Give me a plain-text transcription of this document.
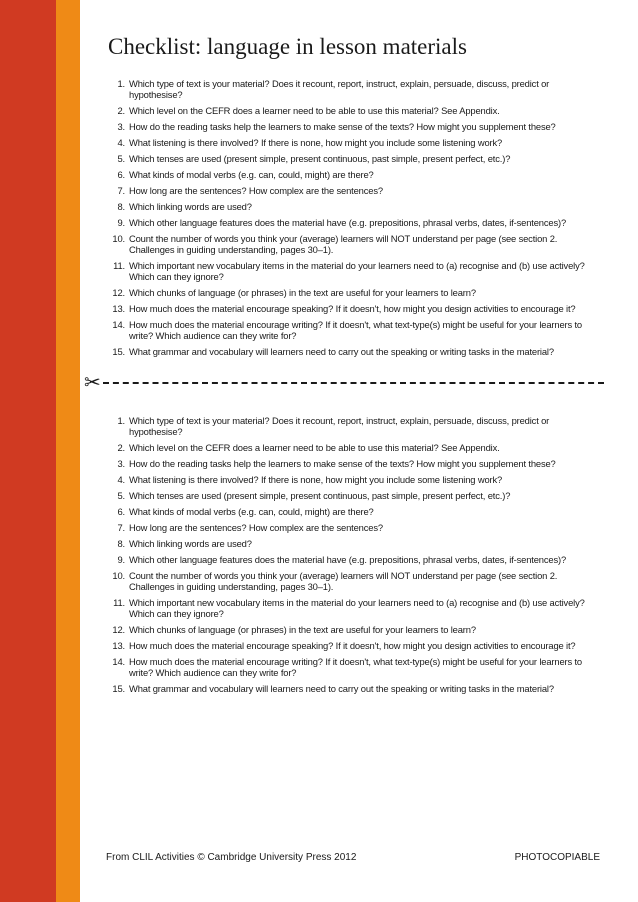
Checklist: language in lesson materials
1. Which type of text is your material? Does it recount, report, instruct, explain, persuade, discuss, predict or hypothesise?
2. Which level on the CEFR does a learner need to be able to use this material? See Appendix.
3. How do the reading tasks help the learners to make sense of the texts? How might you supplement these?
4. What listening is there involved? If there is none, how might you include some listening work?
5. Which tenses are used (present simple, present continuous, past simple, present perfect, etc.)?
6. What kinds of modal verbs (e.g. can, could, might) are there?
7. How long are the sentences? How complex are the sentences?
8. Which linking words are used?
9. Which other language features does the material have (e.g. prepositions, phrasal verbs, dates, if-sentences)?
10. Count the number of words you think your (average) learners will NOT understand per page (see section 2. Challenges in guiding understanding, pages 30–1).
11. Which important new vocabulary items in the material do your learners need to (a) recognise and (b) use actively? Which can they ignore?
12. Which chunks of language (or phrases) in the text are useful for your learners to learn?
13. How much does the material encourage speaking? If it doesn't, how might you design activities to encourage it?
14. How much does the material encourage writing? If it doesn't, what text-type(s) might be useful for your learners to write? Which audience can they write for?
15. What grammar and vocabulary will learners need to carry out the speaking or writing tasks in the material?
✂
1. Which type of text is your material? Does it recount, report, instruct, explain, persuade, discuss, predict or hypothesise?
2. Which level on the CEFR does a learner need to be able to use this material? See Appendix.
3. How do the reading tasks help the learners to make sense of the texts? How might you supplement these?
4. What listening is there involved? If there is none, how might you include some listening work?
5. Which tenses are used (present simple, present continuous, past simple, present perfect, etc.)?
6. What kinds of modal verbs (e.g. can, could, might) are there?
7. How long are the sentences? How complex are the sentences?
8. Which linking words are used?
9. Which other language features does the material have (e.g. prepositions, phrasal verbs, dates, if-sentences)?
10. Count the number of words you think your (average) learners will NOT understand per page (see section 2. Challenges in guiding understanding, pages 30–1).
11. Which important new vocabulary items in the material do your learners need to (a) recognise and (b) use actively? Which can they ignore?
12. Which chunks of language (or phrases) in the text are useful for your learners to learn?
13. How much does the material encourage speaking? If it doesn't, how might you design activities to encourage it?
14. How much does the material encourage writing? If it doesn't, what text-type(s) might be useful for your learners to write? Which audience can they write for?
15. What grammar and vocabulary will learners need to carry out the speaking or writing tasks in the material?
From CLIL Activities © Cambridge University Press 2012	PHOTOCOPIABLE
